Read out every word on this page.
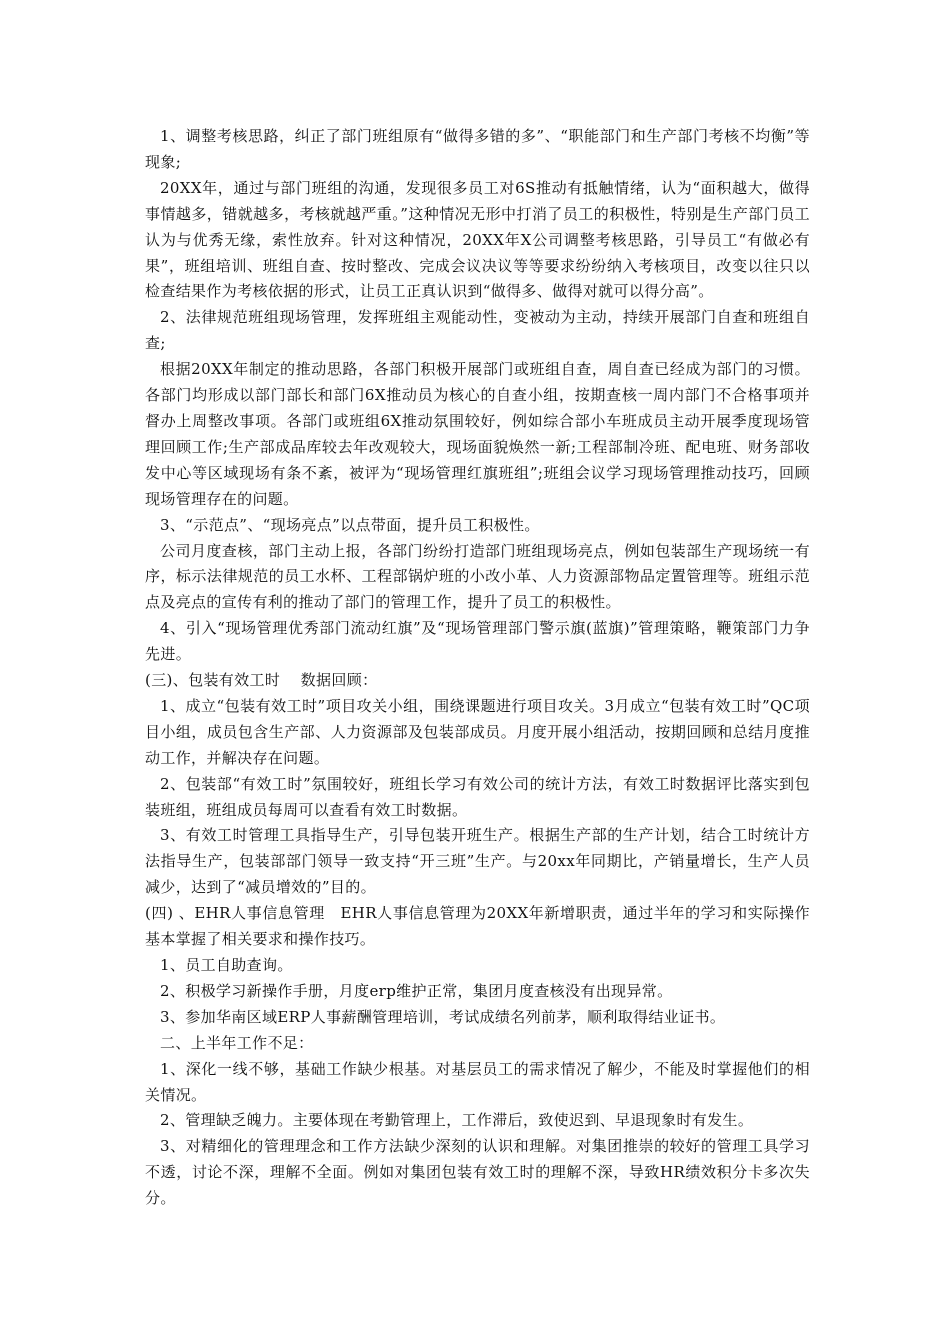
1、调整考核思路，纠正了部门班组原有“做得多错的多”、“职能部门和生产部门考核不均衡”等现象;

20XX年，通过与部门班组的沟通，发现很多员工对6S推动有抵触情绪，认为“面积越大，做得事情越多，错就越多，考核就越严重。”这种情况无形中打消了员工的积极性，特别是生产部门员工认为与优秀无缘，索性放弃。针对这种情况，20XX年X公司调整考核思路，引导员工“有做必有果”，班组培训、班组自查、按时整改、完成会议决议等等要求纷纷纳入考核项目，改变以往只以检查结果作为考核依据的形式，让员工正真认识到“做得多、做得对就可以得分高”。

2、法律规范班组现场管理，发挥班组主观能动性，变被动为主动，持续开展部门自查和班组自查;

根据20XX年制定的推动思路，各部门积极开展部门或班组自查，周自查已经成为部门的习惯。各部门均形成以部门部长和部门6X推动员为核心的自查小组，按期查核一周内部门不合格事项并督办上周整改事项。各部门或班组6X推动氛围较好，例如综合部小车班成员主动开展季度现场管理回顾工作;生产部成品库较去年改观较大，现场面貌焕然一新;工程部制冷班、配电班、财务部收发中心等区域现场有条不紊，被评为“现场管理红旗班组”;班组会议学习现场管理推动技巧，回顾现场管理存在的问题。

3、“示范点”、“现场亮点”以点带面，提升员工积极性。

公司月度查核，部门主动上报，各部门纷纷打造部门班组现场亮点，例如包装部生产现场统一有序，标示法律规范的员工水杯、工程部锅炉班的小改小革、人力资源部物品定置管理等。班组示范点及亮点的宣传有利的推动了部门的管理工作，提升了员工的积极性。

4、引入“现场管理优秀部门流动红旗”及“现场管理部门警示旗(蓝旗)”管理策略，鞭策部门力争先进。

(三)、包装有效工时　 数据回顾：

1、成立“包装有效工时”项目攻关小组，围绕课题进行项目攻关。3月成立“包装有效工时”QC项目小组，成员包含生产部、人力资源部及包装部成员。月度开展小组活动，按期回顾和总结月度推动工作，并解决存在问题。

2、包装部“有效工时”氛围较好，班组长学习有效公司的统计方法，有效工时数据评比落实到包装班组，班组成员每周可以查看有效工时数据。

3、有效工时管理工具指导生产，引导包装开班生产。根据生产部的生产计划，结合工时统计方法指导生产，包装部部门领导一致支持“开三班”生产。与20xx年同期比，产销量增长，生产人员减少，达到了“减员增效的”目的。

(四) 、EHR人事信息管理　EHR人事信息管理为20XX年新增职责，通过半年的学习和实际操作基本掌握了相关要求和操作技巧。

1、员工自助查询。

2、积极学习新操作手册，月度erp维护正常，集团月度查核没有出现异常。

3、参加华南区域ERP人事薪酬管理培训，考试成绩名列前茅，顺利取得结业证书。

二、上半年工作不足：

1、深化一线不够，基础工作缺少根基。对基层员工的需求情况了解少，不能及时掌握他们的相关情况。

2、管理缺乏魄力。主要体现在考勤管理上，工作滞后，致使迟到、早退现象时有发生。

3、对精细化的管理理念和工作方法缺少深刻的认识和理解。对集团推崇的较好的管理工具学习不透，讨论不深，理解不全面。例如对集团包装有效工时的理解不深，导致HR绩效积分卡多次失分。
